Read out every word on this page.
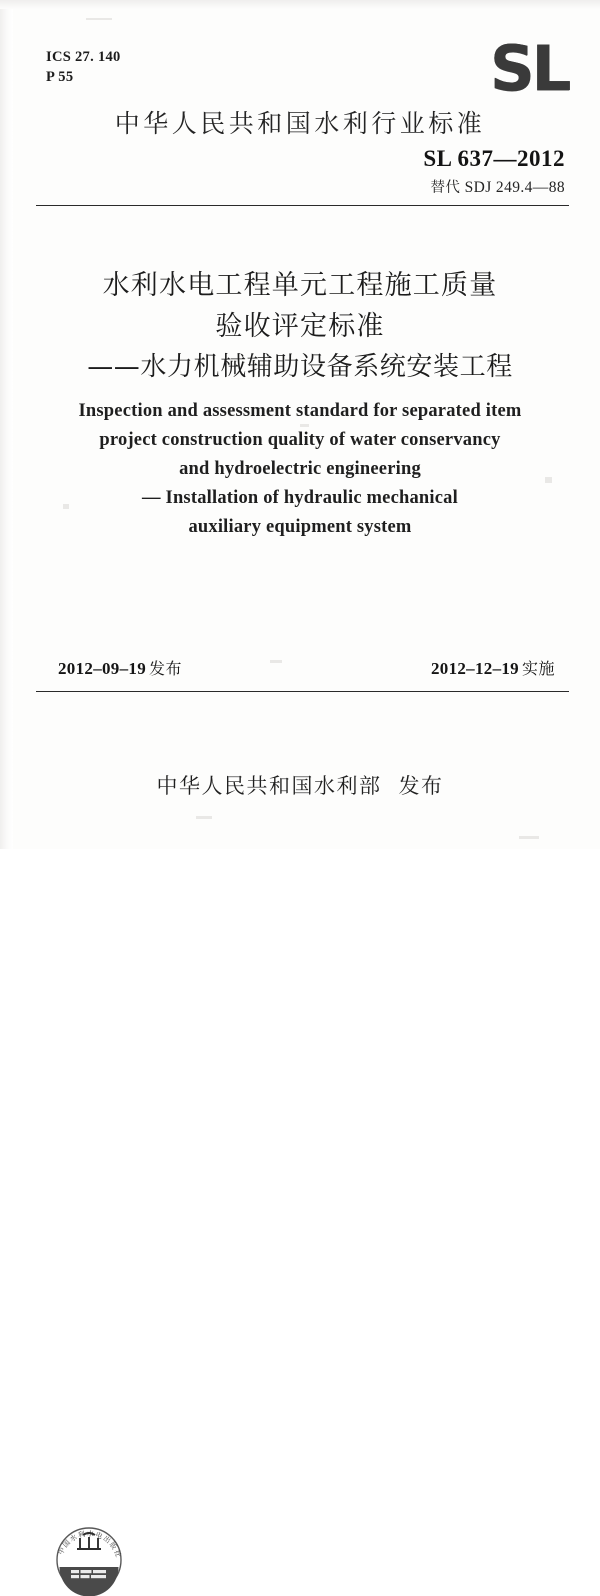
ICS 27. 140
P 55	SL
中华人民共和国水利行业标准
SL 637—2012
替代 SDJ 249.4—88
水利水电工程单元工程施工质量
验收评定标准
——水力机械辅助设备系统安装工程
Inspection and assessment standard for separated item
project construction quality of water conservancy
and hydroelectric engineering
— Installation of hydraulic mechanical
auxiliary equipment system
2012–09–19 发布	2012–12–19 实施
中国水利水电出版社
中华人民共和国水利部 发布
